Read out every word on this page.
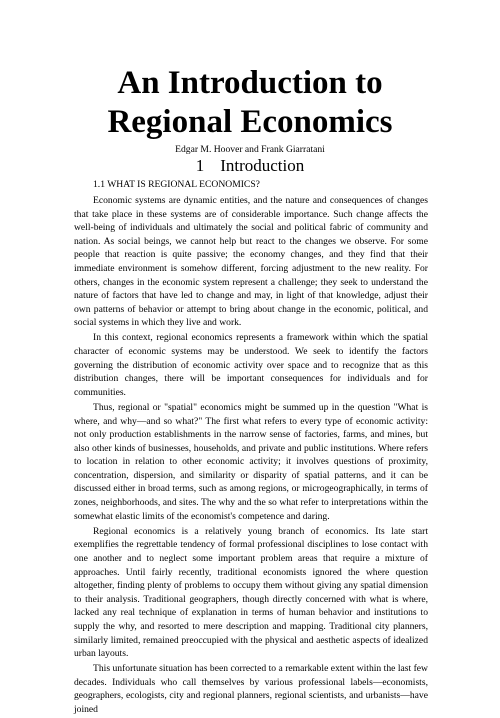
An Introduction to
Regional Economics
Edgar M. Hoover and Frank Giarratani
1 Introduction
1.1 WHAT IS REGIONAL ECONOMICS?

Economic systems are dynamic entities, and the nature and consequences of changes that take place in these systems are of considerable importance. Such change affects the well-being of individuals and ultimately the social and political fabric of community and nation. As social beings, we cannot help but react to the changes we observe. For some people that reaction is quite passive; the economy changes, and they find that their immediate environment is somehow different, forcing adjustment to the new reality. For others, changes in the economic system represent a challenge; they seek to understand the nature of factors that have led to change and may, in light of that knowledge, adjust their own patterns of behavior or attempt to bring about change in the economic, political, and social systems in which they live and work.

In this context, regional economics represents a framework within which the spatial character of economic systems may be understood. We seek to identify the factors governing the distribution of economic activity over space and to recognize that as this distribution changes, there will be important consequences for individuals and for communities.

Thus, regional or "spatial" economics might be summed up in the question "What is where, and why—and so what?" The first what refers to every type of economic activity: not only production establishments in the narrow sense of factories, farms, and mines, but also other kinds of businesses, households, and private and public institutions. Where refers to location in relation to other economic activity; it involves questions of proximity, concentration, dispersion, and similarity or disparity of spatial patterns, and it can be discussed either in broad terms, such as among regions, or microgeographically, in terms of zones, neighborhoods, and sites. The why and the so what refer to interpretations within the somewhat elastic limits of the economist's competence and daring.

Regional economics is a relatively young branch of economics. Its late start exemplifies the regrettable tendency of formal professional disciplines to lose contact with one another and to neglect some important problem areas that require a mixture of approaches. Until fairly recently, traditional economists ignored the where question altogether, finding plenty of problems to occupy them without giving any spatial dimension to their analysis. Traditional geographers, though directly concerned with what is where, lacked any real technique of explanation in terms of human behavior and institutions to supply the why, and resorted to mere description and mapping. Traditional city planners, similarly limited, remained preoccupied with the physical and aesthetic aspects of idealized urban layouts.

This unfortunate situation has been corrected to a remarkable extent within the last few decades. Individuals who call themselves by various professional labels—economists, geographers, ecologists, city and regional planners, regional scientists, and urbanists—have joined
